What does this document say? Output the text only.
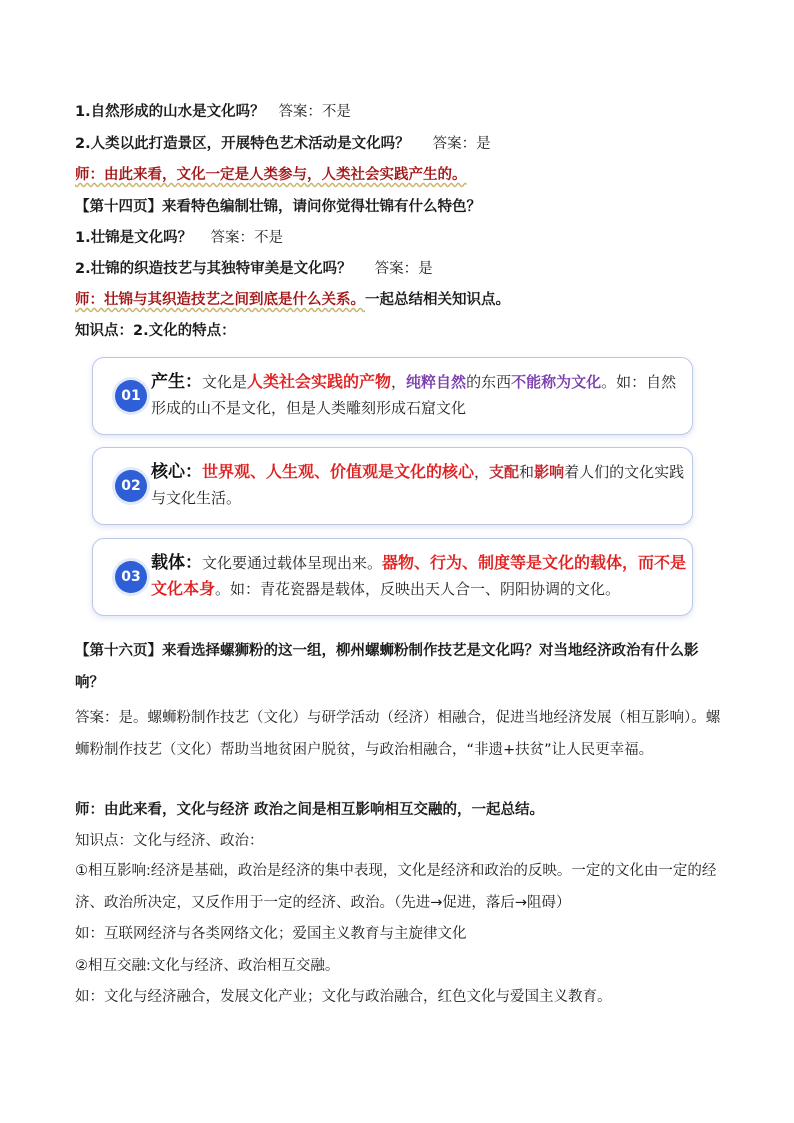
1.自然形成的山水是文化吗？ 答案：不是
2.人类以此打造景区，开展特色艺术活动是文化吗？ 答案：是
师：由此来看，文化一定是人类参与，人类社会实践产生的。
【第十四页】来看特色编制壮锦，请问你觉得壮锦有什么特色？
1.壮锦是文化吗？ 答案：不是
2.壮锦的织造技艺与其独特审美是文化吗？ 答案：是
师：壮锦与其织造技艺之间到底是什么关系。一起总结相关知识点。
知识点：2.文化的特点：
01
产生：文化是人类社会实践的产物，纯粹自然的东西不能称为文化。如：自然形成的山不是文化，但是人类雕刻形成石窟文化
02
核心：世界观、人生观、价值观是文化的核心，支配和影响着人们的文化实践与文化生活。
03
载体：文化要通过载体呈现出来。器物、行为、制度等是文化的载体，而不是文化本身。如：青花瓷器是载体，反映出天人合一、阴阳协调的文化。
【第十六页】来看选择螺狮粉的这一组，柳州螺蛳粉制作技艺是文化吗？对当地经济政治有什么影响？
答案：是。螺蛳粉制作技艺（文化）与研学活动（经济）相融合，促进当地经济发展（相互影响）。螺蛳粉制作技艺（文化）帮助当地贫困户脱贫，与政治相融合，“非遗+扶贫”让人民更幸福。
师：由此来看，文化与经济 政治之间是相互影响相互交融的，一起总结。
知识点：文化与经济、政治：
①相互影响:经济是基础，政治是经济的集中表现，文化是经济和政治的反映。一定的文化由一定的经济、政治所决定，又反作用于一定的经济、政治。（先进→促进，落后→阻碍）
如：互联网经济与各类网络文化；爱国主义教育与主旋律文化
②相互交融:文化与经济、政治相互交融。
如：文化与经济融合，发展文化产业；文化与政治融合，红色文化与爱国主义教育。
